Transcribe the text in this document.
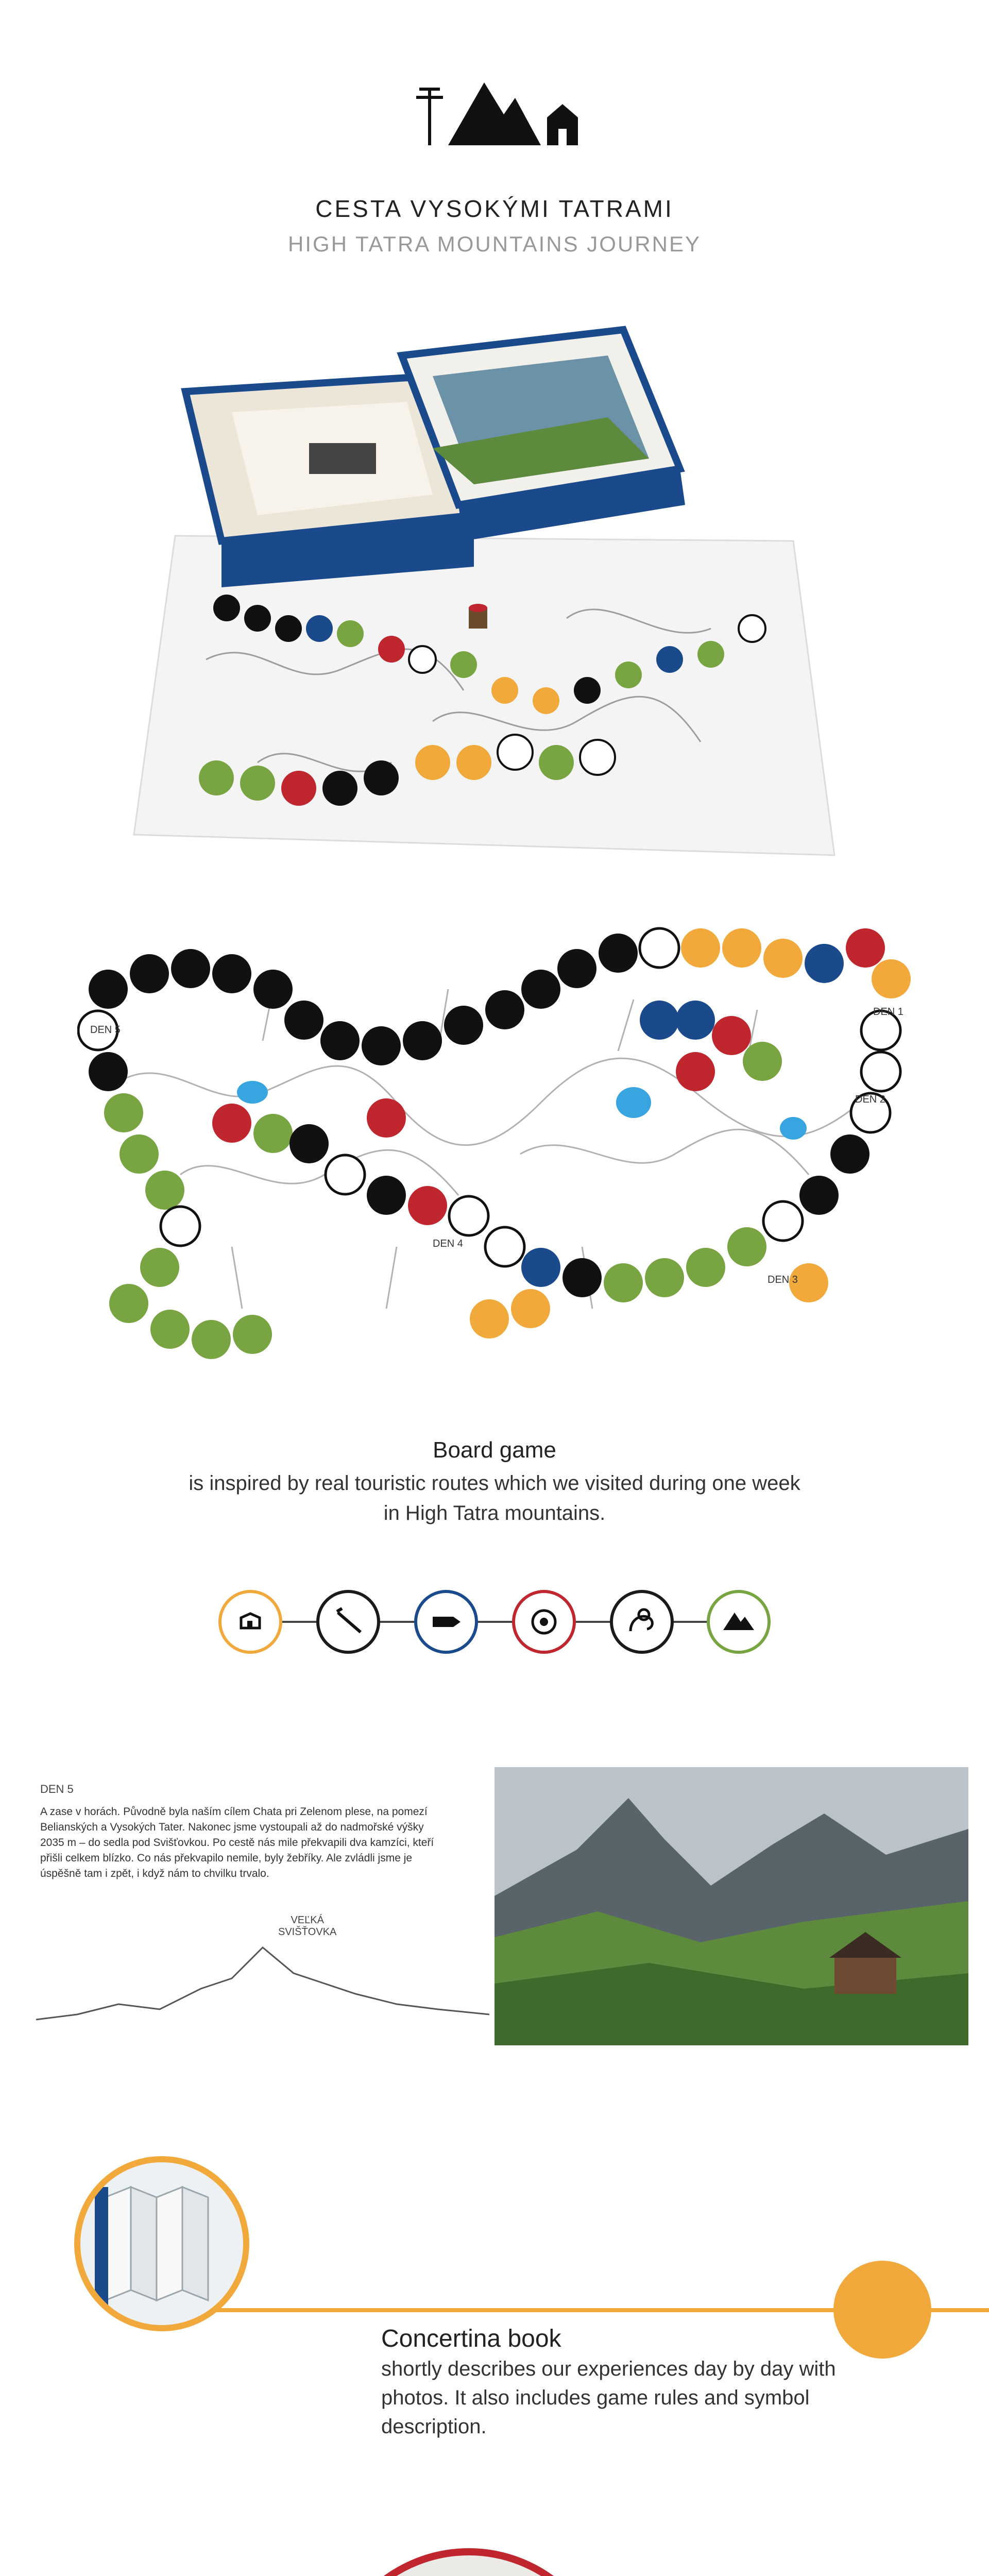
CESTA VYSOKÝMI TATRAMI
HIGH TATRA MOUNTAINS JOURNEY
DEN 1
DEN 2
DEN 3
DEN 4
DEN 5
Board game
is inspired by real touristic routes which we visited during one week
in High Tatra mountains.
DEN 5
A zase v horách. Původně byla naším cílem Chata pri Zelenom plese, na pomezí Belianských a Vysokých Tater. Nakonec jsme vystoupali až do nadmořské výšky 2035 m – do sedla pod Svišťovkou. Po cestě nás mile překvapili dva kamzíci, kteří přišli celkem blízko. Co nás překvapilo nemile, byly žebříky. Ale zvládli jsme je úspěšně tam i zpět, i když nám to chvilku trvalo.
VEĽKÁ
SVIŠŤOVKA
Concertina book
shortly describes our experiences day by day with
photos. It also includes game rules and symbol
description.
